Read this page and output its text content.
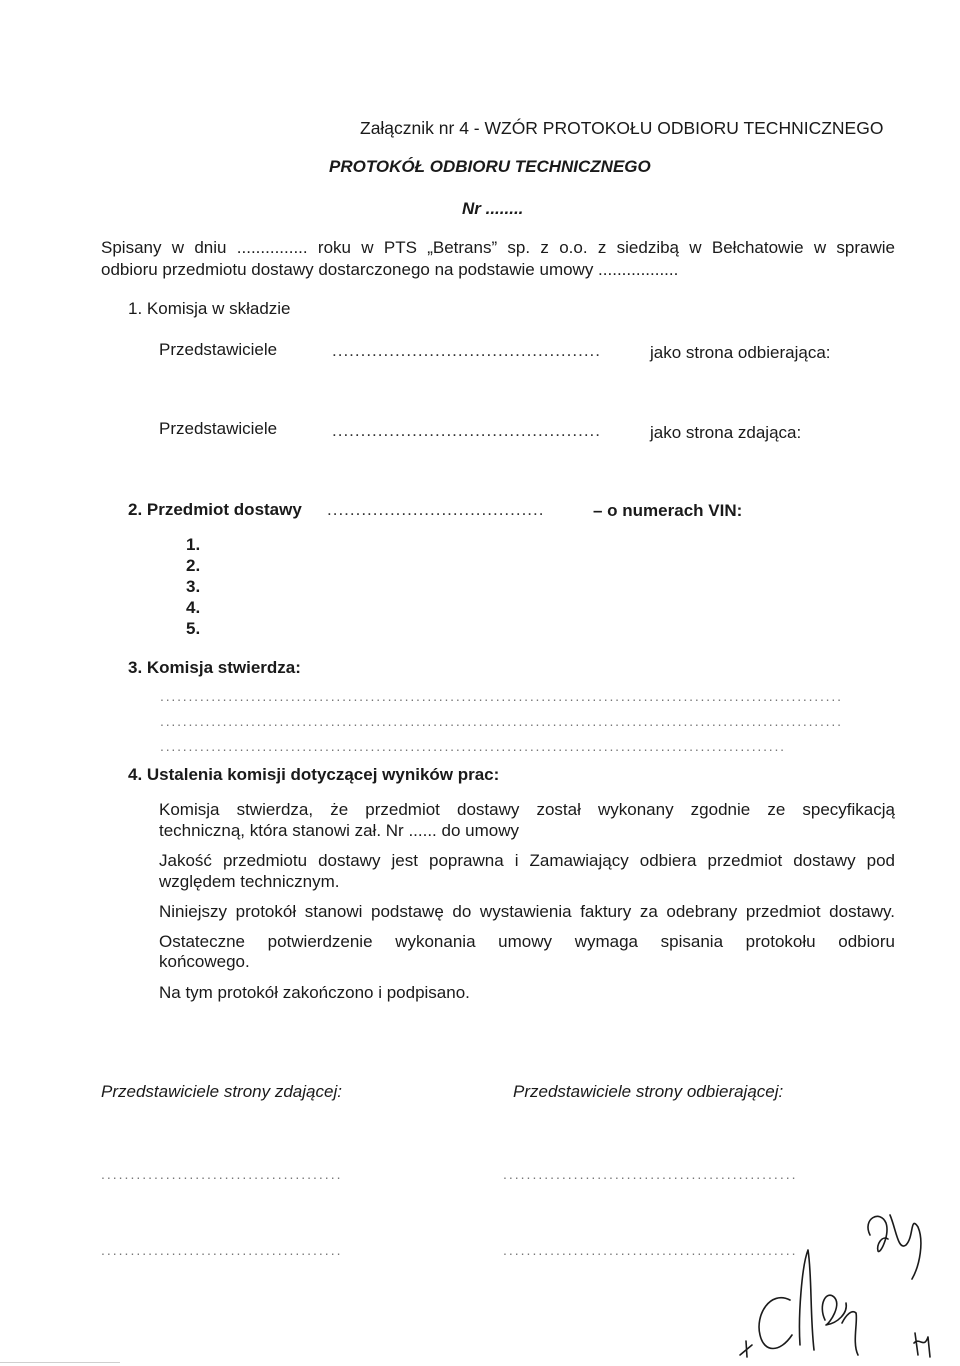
Załącznik nr 4 - WZÓR PROTOKOŁU ODBIORU TECHNICZNEGO
PROTOKÓŁ ODBIORU TECHNICZNEGO
Nr ........
Spisany w dniu ............... roku w PTS „Betrans” sp. z o.o. z siedzibą w Bełchatowie w sprawie
odbioru przedmiotu dostawy dostarczonego na podstawie umowy .................
1. Komisja w składzie
Przedstawiciele	...............................................	jako strona odbierająca:
Przedstawiciele	...............................................	jako strona zdająca:
2. Przedmiot dostawy ......................................	– o numerach VIN:
1.
2.
3.
4.
5.
3. Komisja stwierdza:
........................................................................................................................
........................................................................................................................
..............................................................................................................
4. Ustalenia komisji dotyczącej wyników prac:
Komisja stwierdza, że przedmiot dostawy został wykonany zgodnie ze specyfikacją
techniczną, która stanowi zał. Nr ...... do umowy
Jakość przedmiotu dostawy jest poprawna i Zamawiający odbiera przedmiot dostawy pod
względem technicznym.
Niniejszy protokół stanowi podstawę do wystawienia faktury za odebrany przedmiot dostawy.
Ostateczne potwierdzenie wykonania umowy wymaga spisania protokołu odbioru
końcowego.
Na tym protokół zakończono i podpisano.
Przedstawiciele strony zdającej:	Przedstawiciele strony odbierającej:
.........................................
.........................................
..................................................
..................................................
